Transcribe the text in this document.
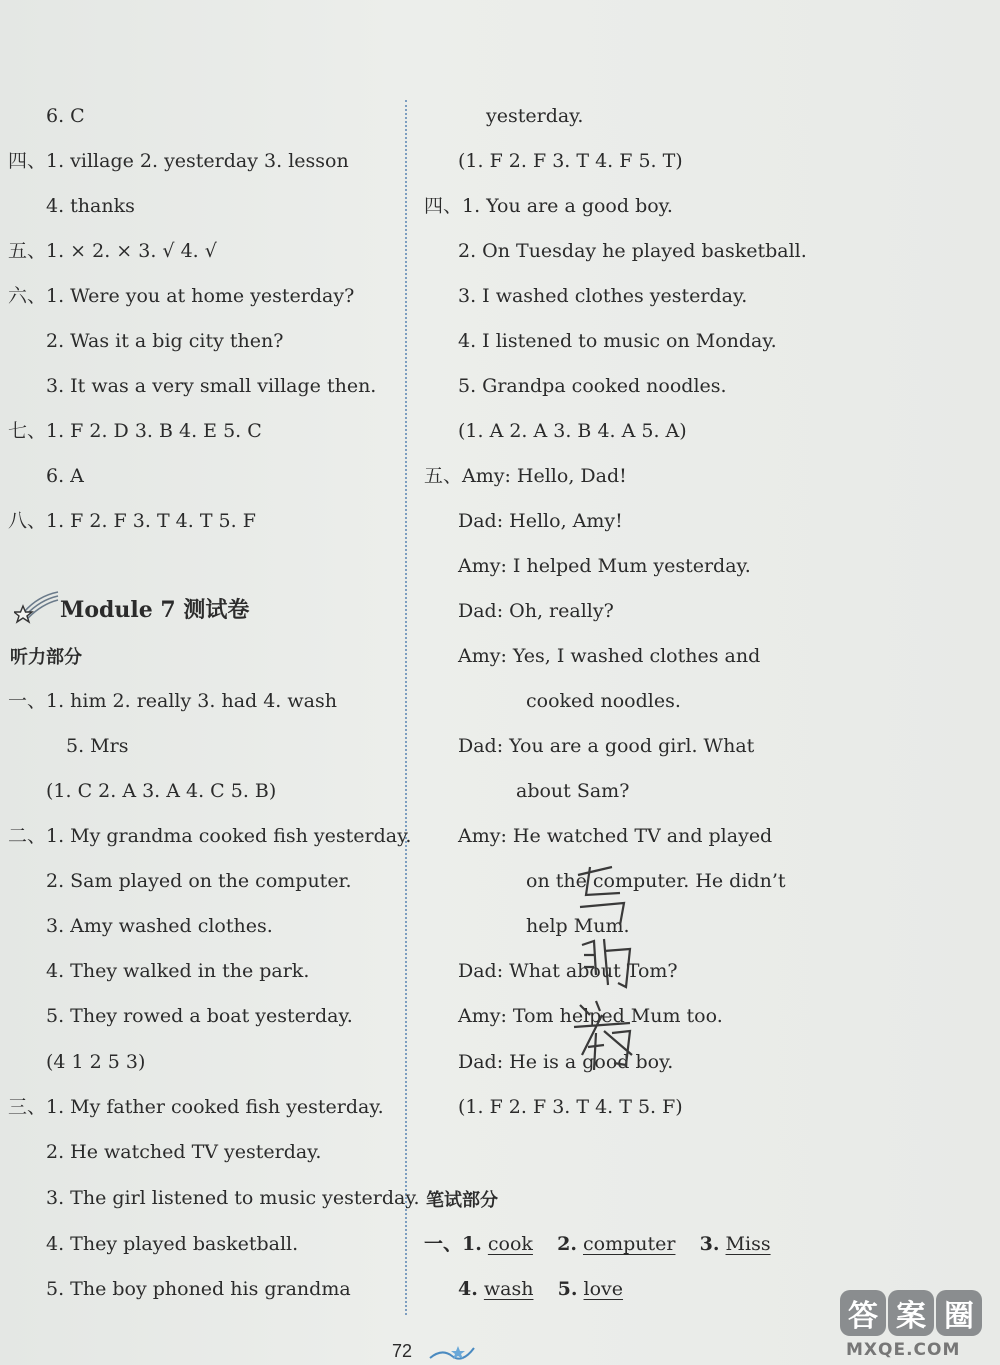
6. C
四、1. village 2. yesterday 3. lesson
4. thanks
五、1. × 2. × 3. √ 4. √
六、1. Were you at home yesterday?
2. Was it a big city then?
3. It was a very small village then.
七、1. F 2. D 3. B 4. E 5. C
6. A
八、1. F 2. F 3. T 4. T 5. F
Module 7 测试卷
听力部分
一、1. him 2. really 3. had 4. wash
5. Mrs
(1. C 2. A 3. A 4. C 5. B)
二、1. My grandma cooked fish yesterday.
2. Sam played on the computer.
3. Amy washed clothes.
4. They walked in the park.
5. They rowed a boat yesterday.
(4 1 2 5 3)
三、1. My father cooked fish yesterday.
2. He watched TV yesterday.
3. The girl listened to music yesterday.
4. They played basketball.
5. The boy phoned his grandma
yesterday.
(1. F 2. F 3. T 4. F 5. T)
四、1. You are a good boy.
2. On Tuesday he played basketball.
3. I washed clothes yesterday.
4. I listened to music on Monday.
5. Grandpa cooked noodles.
(1. A 2. A 3. B 4. A 5. A)
五、Amy: Hello, Dad!
Dad: Hello, Amy!
Amy: I helped Mum yesterday.
Dad: Oh, really?
Amy: Yes, I washed clothes and
cooked noodles.
Dad: You are a good girl. What
about Sam?
Amy: He watched TV and played
on the computer. He didn’t
help Mum.
Dad: What about Tom?
Amy: Tom helped Mum too.
Dad: He is a good boy.
(1. F 2. F 3. T 4. T 5. F)
笔试部分
一、1. cook 2. computer 3. Miss
4. wash 5. love
72
答 案 圈
MXQE.COM
